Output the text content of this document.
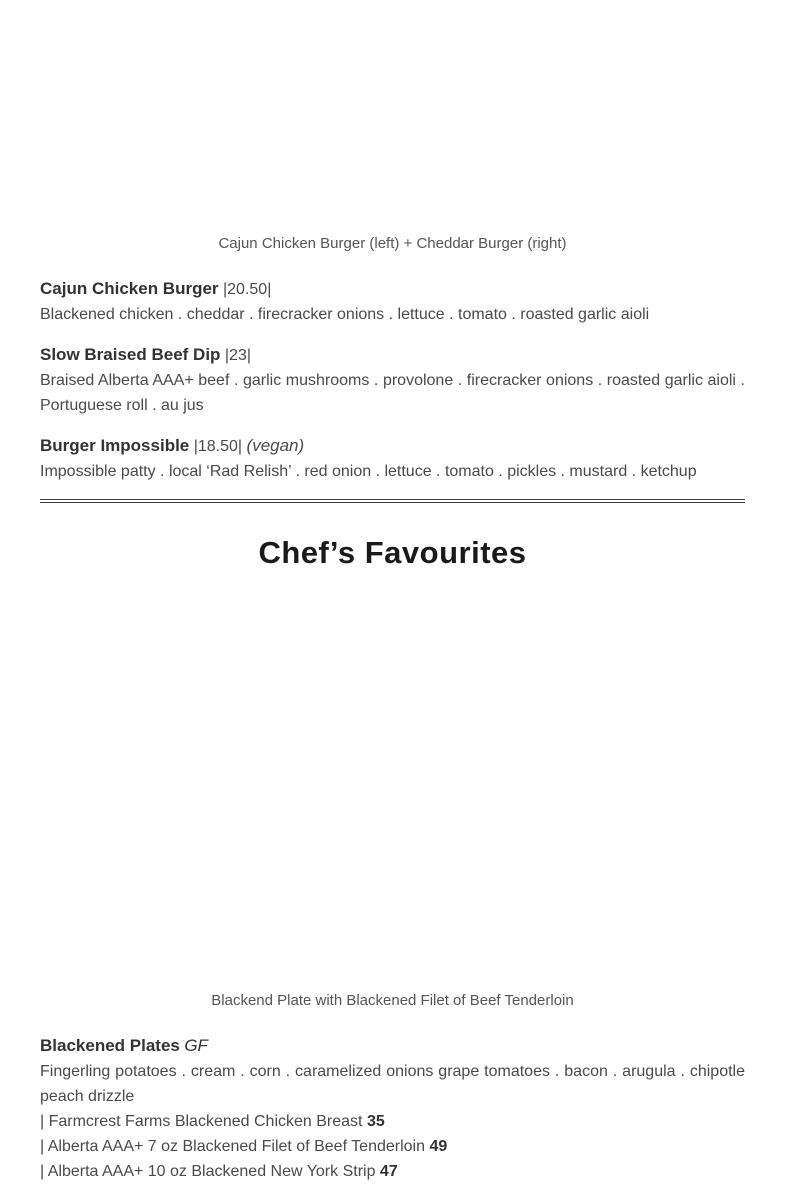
Cajun Chicken Burger (left) + Cheddar Burger (right)

Cajun Chicken Burger |20.50|
Blackened chicken . cheddar . firecracker onions . lettuce . tomato . roasted garlic aioli

Slow Braised Beef Dip |23|
Braised Alberta AAA+ beef . garlic mushrooms . provolone . firecracker onions . roasted garlic aioli . Portuguese roll . au jus

Burger Impossible |18.50| (vegan)
Impossible patty . local ‘Rad Relish’ . red onion . lettuce . tomato . pickles . mustard . ketchup

Chef’s Favourites
Blackend Plate with Blackened Filet of Beef Tenderloin

Blackened Plates GF
Fingerling potatoes . cream . corn . caramelized onions grape tomatoes . bacon . arugula . chipotle peach drizzle
| Farmcrest Farms Blackened Chicken Breast 35
| Alberta AAA+ 7 oz Blackened Filet of Beef Tenderloin 49
| Alberta AAA+ 10 oz Blackened New York Strip 47
